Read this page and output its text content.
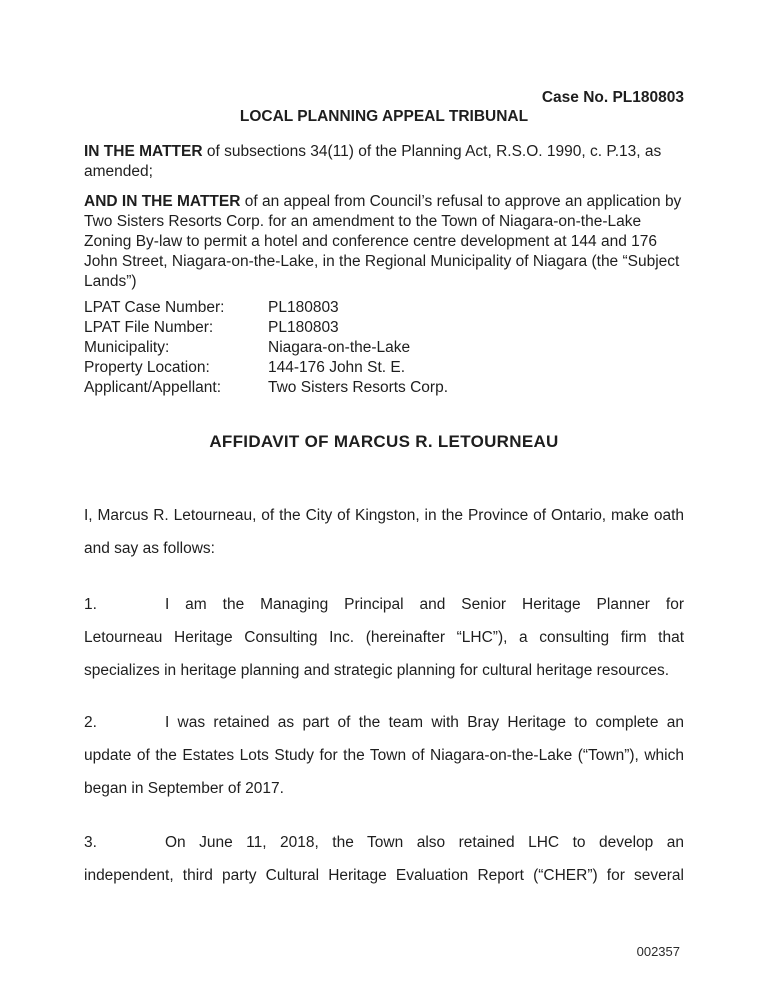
Case No. PL180803
LOCAL PLANNING APPEAL TRIBUNAL
IN THE MATTER of subsections 34(11) of the Planning Act, R.S.O. 1990, c. P.13, as
amended;
AND IN THE MATTER of an appeal from Council’s refusal to approve an application by
Two Sisters Resorts Corp. for an amendment to the Town of Niagara-on-the-Lake
Zoning By-law to permit a hotel and conference centre development at 144 and 176
John Street, Niagara-on-the-Lake, in the Regional Municipality of Niagara (the “Subject
Lands”)
LPAT Case Number:	PL180803
LPAT File Number:	PL180803
Municipality:	Niagara-on-the-Lake
Property Location:	144-176 John St. E.
Applicant/Appellant:	Two Sisters Resorts Corp.
AFFIDAVIT OF MARCUS R. LETOURNEAU
I, Marcus R. Letourneau, of the City of Kingston, in the Province of Ontario, make oath
and say as follows:
1.	I am the Managing Principal and Senior Heritage Planner for
Letourneau Heritage Consulting Inc. (hereinafter “LHC”), a consulting firm that
specializes in heritage planning and strategic planning for cultural heritage resources.
2.	I was retained as part of the team with Bray Heritage to complete an
update of the Estates Lots Study for the Town of Niagara-on-the-Lake (“Town”), which
began in September of 2017.
3.	On June 11, 2018, the Town also retained LHC to develop an
independent, third party Cultural Heritage Evaluation Report (“CHER”) for several
002357
